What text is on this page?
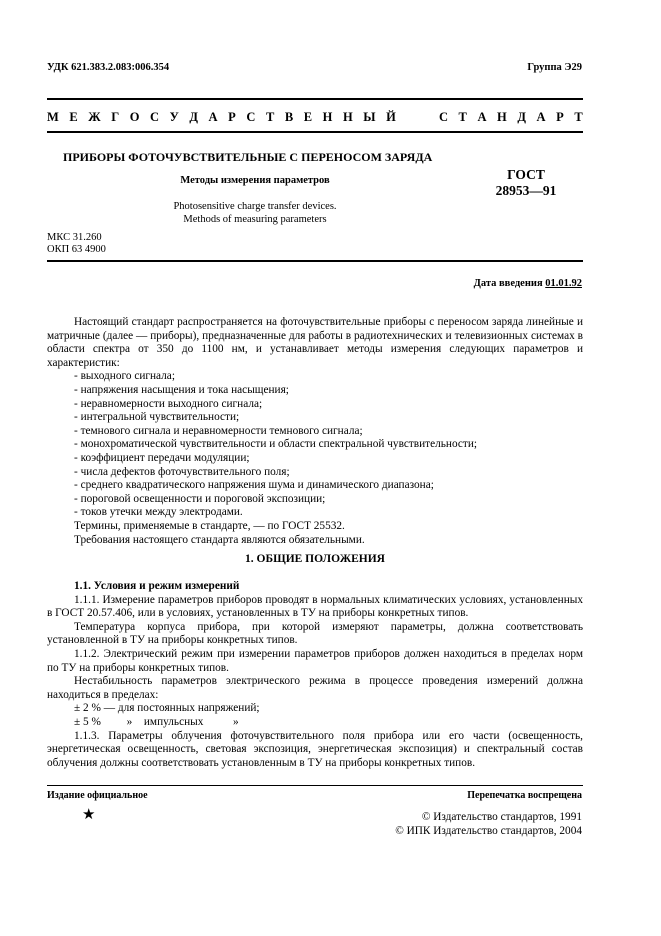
УДК 621.383.2.083:006.354	Группа Э29
М Е Ж Г О С У Д А Р С Т В Е Н Н Ы Й	С Т А Н Д А Р Т
ПРИБОРЫ ФОТОЧУВСТВИТЕЛЬНЫЕ С ПЕРЕНОСОМ ЗАРЯДА
Методы измерения параметров	ГОСТ
28953—91
Photosensitive charge transfer devices.
Methods of measuring parameters
МКС 31.260
ОКП 63 4900
Дата введения 01.01.92

Настоящий стандарт распространяется на фоточувствительные приборы с переносом заряда линейные и матричные (далее — приборы), предназначенные для работы в радиотехнических и телевизионных системах в области спектра от 350 до 1100 нм, и устанавливает методы измерения следующих параметров и характеристик:

- выходного сигнала;

- напряжения насыщения и тока насыщения;

- неравномерности выходного сигнала;

- интегральной чувствительности;

- темнового сигнала и неравномерности темнового сигнала;

- монохроматической чувствительности и области спектральной чувствительности;

- коэффициент передачи модуляции;

- числа дефектов фоточувствительного поля;

- среднего квадратического напряжения шума и динамического диапазона;

- пороговой освещенности и пороговой экспозиции;

- токов утечки между электродами.

Термины, применяемые в стандарте, — по ГОСТ 25532.

Требования настоящего стандарта являются обязательными.

1. ОБЩИЕ ПОЛОЖЕНИЯ

1.1. Условия и режим измерений

1.1.1. Измерение параметров приборов проводят в нормальных климатических условиях, установленных в ГОСТ 20.57.406, или в условиях, установленных в ТУ на приборы конкретных типов.

Температура корпуса прибора, при которой измеряют параметры, должна соответствовать установленной в ТУ на приборы конкретных типов.

1.1.2. Электрический режим при измерении параметров приборов должен находиться в пределах норм по ТУ на приборы конкретных типов.

Нестабильность параметров электрического режима в процессе проведения измерений должна находиться в пределах:

± 2 % — для постоянных напряжений;

± 5 % » импульсных	»

1.1.3. Параметры облучения фоточувствительного поля прибора или его части (освещенность, энергетическая освещенность, световая экспозиция, энергетическая экспозиция) и спектральный состав облучения должны соответствовать установленным в ТУ на приборы конкретных типов.

Издание официальное	Перепечатка воспрещена
★	© Издательство стандартов, 1991
© ИПК Издательство стандартов, 2004
